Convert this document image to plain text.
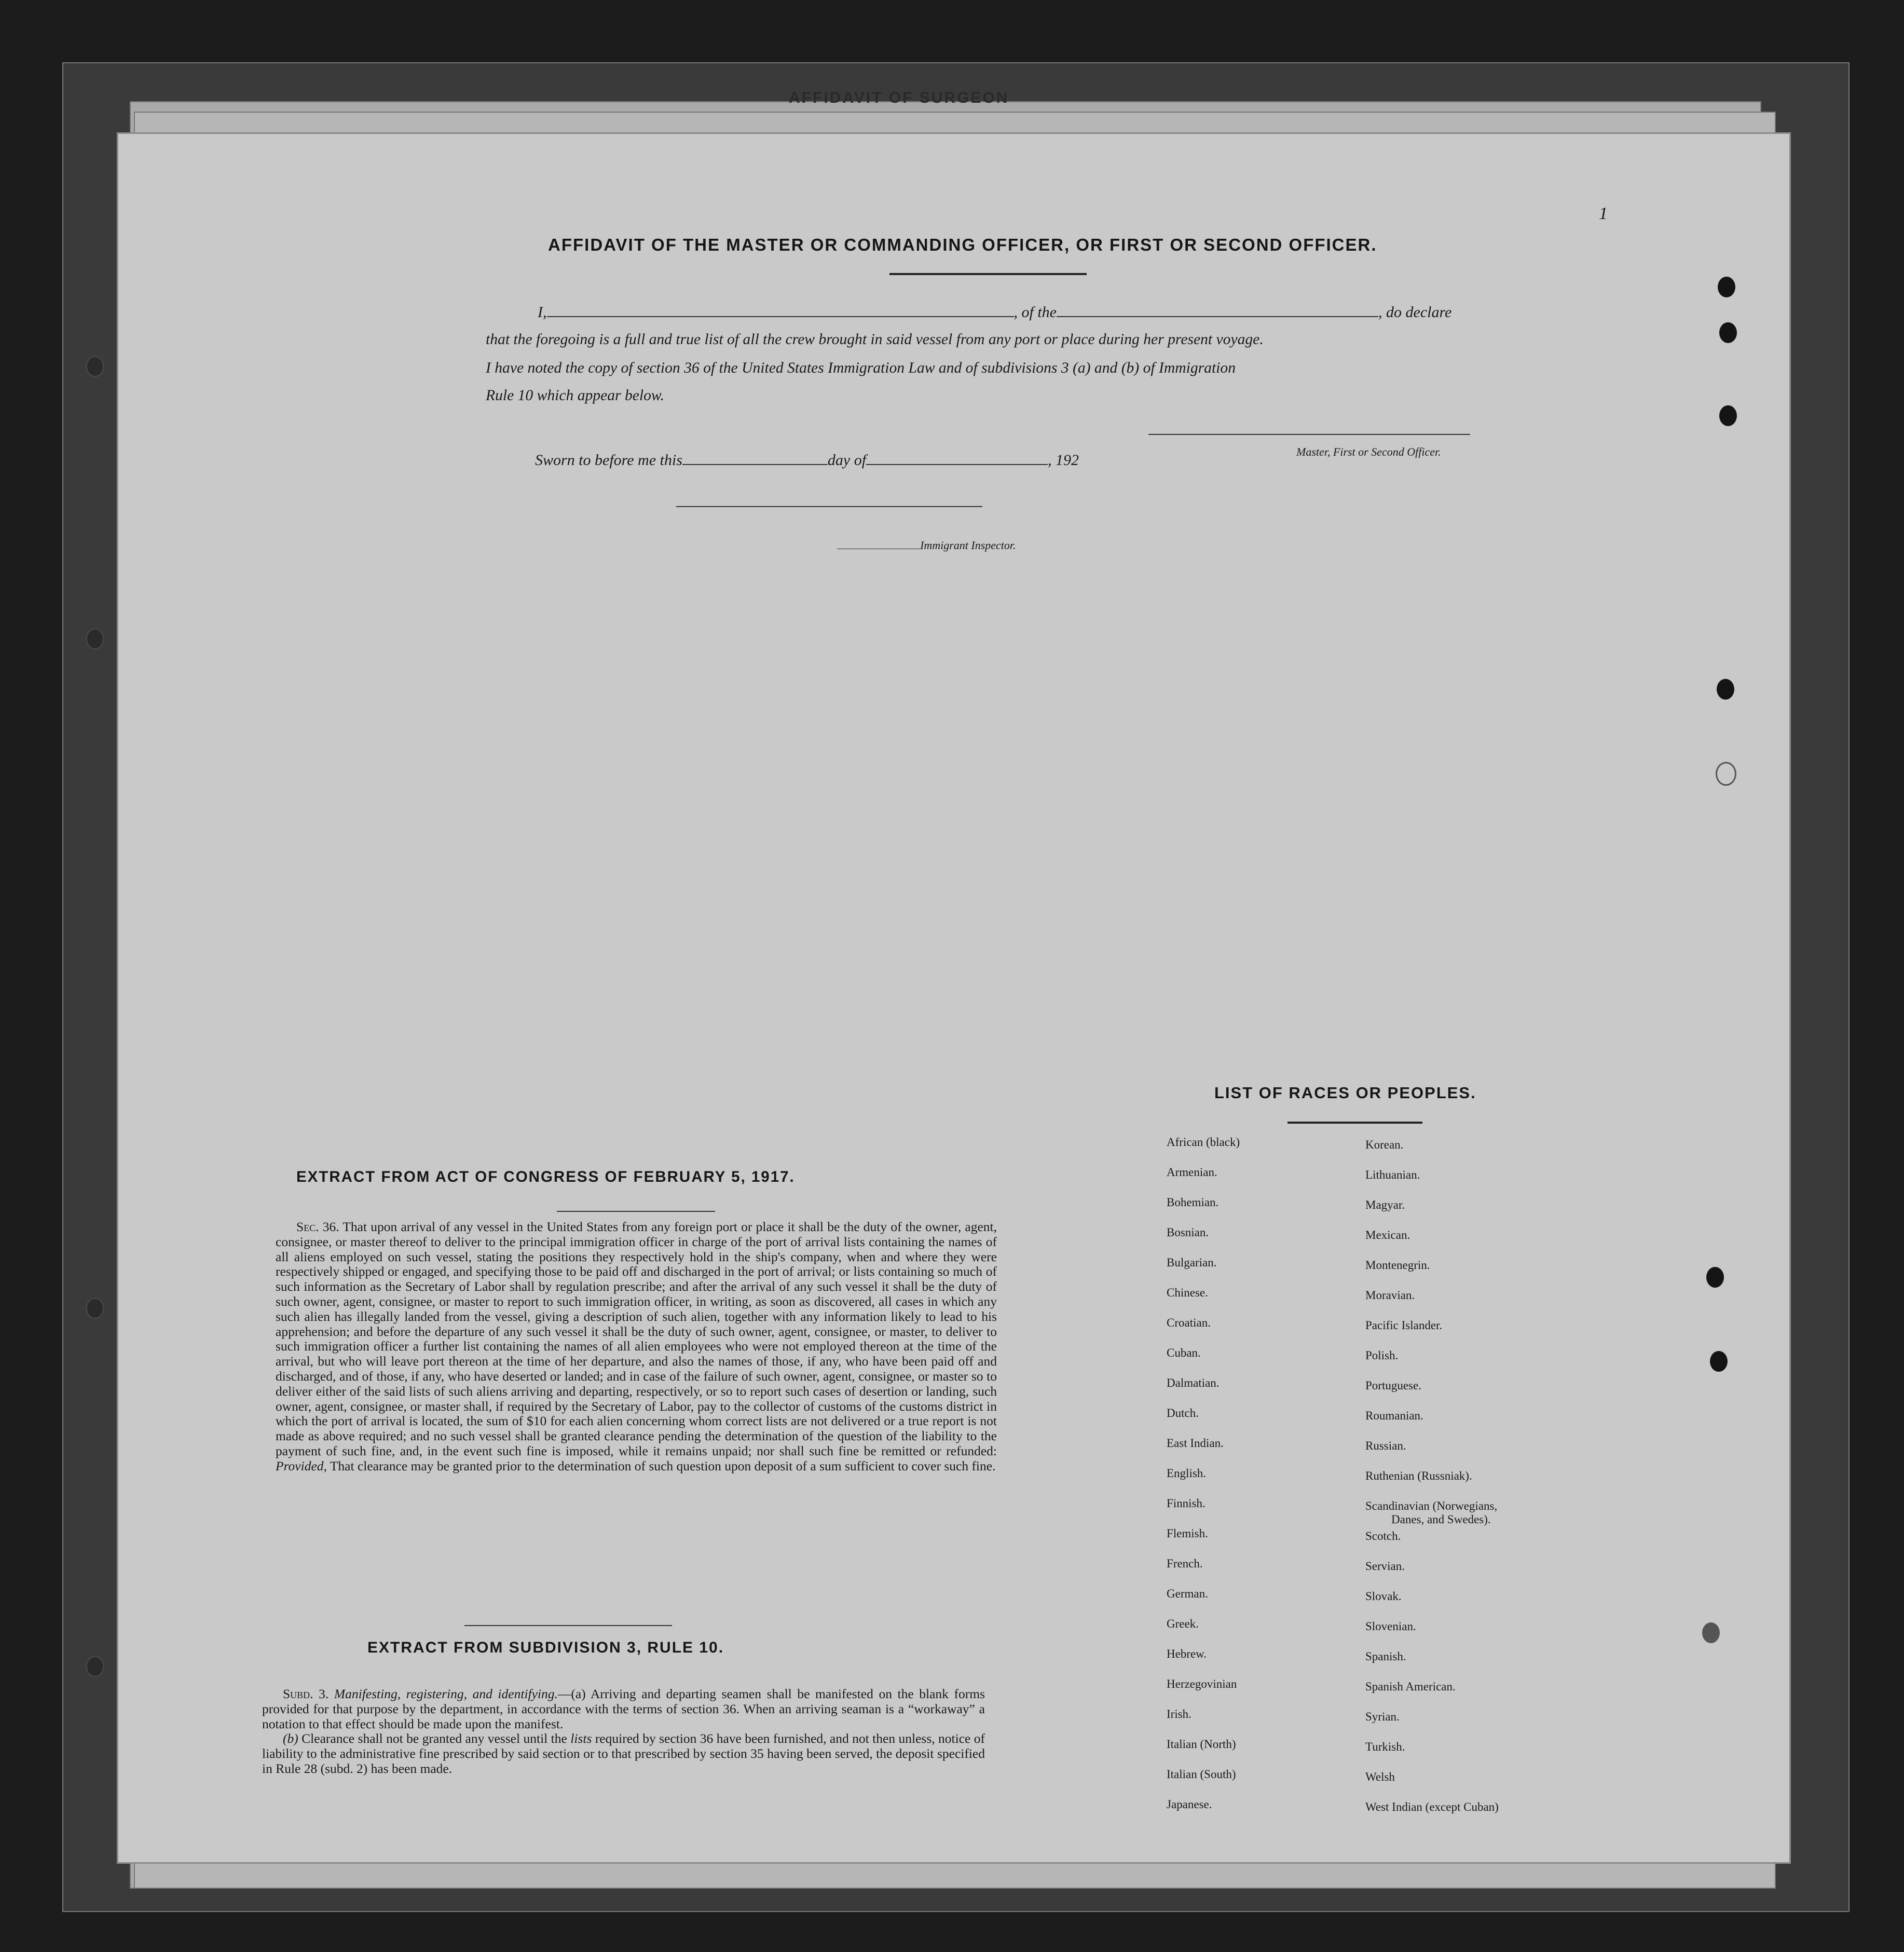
AFFIDAVIT OF SURGEON
1
AFFIDAVIT OF THE MASTER OR COMMANDING OFFICER, OR FIRST OR SECOND OFFICER.
I,	, of the	, do declare
that the foregoing is a full and true list of all the crew brought in said vessel from any port or place during her present voyage.
I have noted the copy of section 36 of the United States Immigration Law and of subdivisions 3 (a) and (b) of Immigration
Rule 10 which appear below.
Master, First or Second Officer.
Sworn to before me this	day of	, 192
Immigrant Inspector.
EXTRACT FROM ACT OF CONGRESS OF FEBRUARY 5, 1917.

Sec. 36. That upon arrival of any vessel in the United States from any foreign port or place it shall be the duty of the owner, agent, consignee, or master thereof to deliver to the principal immigration officer in charge of the port of arrival lists containing the names of all aliens employed on such vessel, stating the positions they respectively hold in the ship's company, when and where they were respectively shipped or engaged, and specifying those to be paid off and discharged in the port of arrival; or lists containing so much of such information as the Secretary of Labor shall by regulation prescribe; and after the arrival of any such vessel it shall be the duty of such owner, agent, consignee, or master to report to such immigration officer, in writing, as soon as discovered, all cases in which any such alien has illegally landed from the vessel, giving a description of such alien, together with any information likely to lead to his apprehension; and before the departure of any such vessel it shall be the duty of such owner, agent, consignee, or master, to deliver to such immigration officer a further list containing the names of all alien employees who were not employed thereon at the time of the arrival, but who will leave port thereon at the time of her departure, and also the names of those, if any, who have been paid off and discharged, and of those, if any, who have deserted or landed; and in case of the failure of such owner, agent, consignee, or master so to deliver either of the said lists of such aliens arriving and departing, respectively, or so to report such cases of desertion or landing, such owner, agent, consignee, or master shall, if required by the Secretary of Labor, pay to the collector of customs of the customs district in which the port of arrival is located, the sum of $10 for each alien concerning whom correct lists are not delivered or a true report is not made as above required; and no such vessel shall be granted clearance pending the determination of the question of the liability to the payment of such fine, and, in the event such fine is imposed, while it remains unpaid; nor shall such fine be remitted or refunded: Provided, That clearance may be granted prior to the determination of such question upon deposit of a sum sufficient to cover such fine.

EXTRACT FROM SUBDIVISION 3, RULE 10.

Subd. 3. Manifesting, registering, and identifying.—(a) Arriving and departing seamen shall be manifested on the blank forms provided for that purpose by the department, in accordance with the terms of section 36. When an arriving seaman is a “workaway” a notation to that effect should be made upon the manifest.

(b) Clearance shall not be granted any vessel until the lists required by section 36 have been furnished, and not then unless, notice of liability to the administrative fine prescribed by said section or to that prescribed by section 35 having been served, the deposit specified in Rule 28 (subd. 2) has been made.

LIST OF RACES OR PEOPLES.
African (black)
Armenian.
Bohemian.
Bosnian.
Bulgarian.
Chinese.
Croatian.
Cuban.
Dalmatian.
Dutch.
East Indian.
English.
Finnish.
Flemish.
French.
German.
Greek.
Hebrew.
Herzegovinian
Irish.
Italian (North)
Italian (South)
Japanese.
Korean.
Lithuanian.
Magyar.
Mexican.
Montenegrin.
Moravian.
Pacific Islander.
Polish.
Portuguese.
Roumanian.
Russian.
Ruthenian (Russniak).
Scandinavian (Norwegians,
Danes, and Swedes).
Scotch.
Servian.
Slovak.
Slovenian.
Spanish.
Spanish American.
Syrian.
Turkish.
Welsh
West Indian (except Cuban)
